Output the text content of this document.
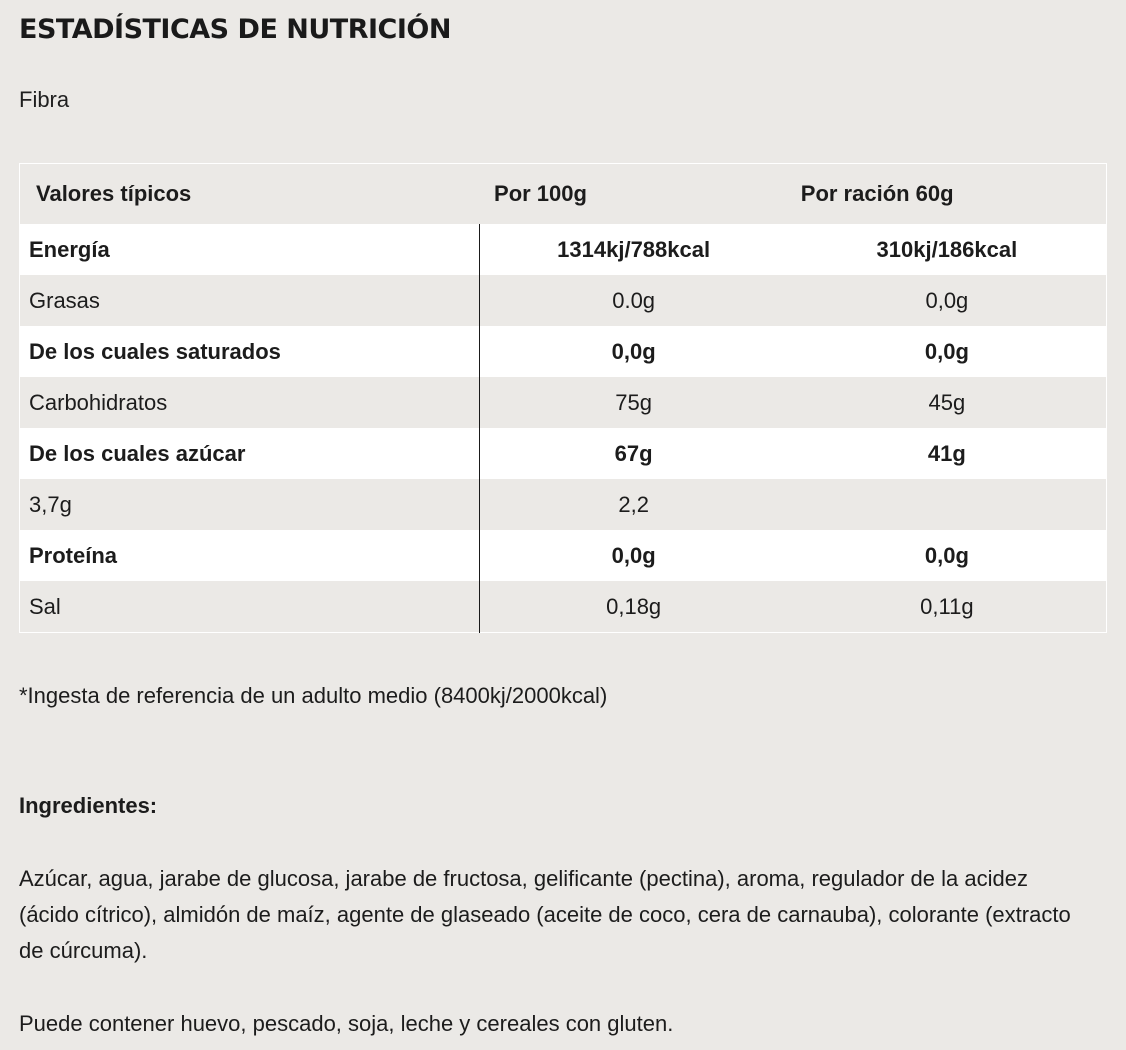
ESTADÍSTICAS DE NUTRICIÓN
Fibra
Valores típicos	Por 100g	Por ración 60g
Energía	1314kj/788kcal	310kj/186kcal
Grasas	0.0g	0,0g
De los cuales saturados	0,0g	0,0g
Carbohidratos	75g	45g
De los cuales azúcar	67g	41g
3,7g	2,2	
Proteína	0,0g	0,0g
Sal	0,18g	0,11g
*Ingesta de referencia de un adulto medio (8400kj/2000kcal)
Ingredientes:

Azúcar, agua, jarabe de glucosa, jarabe de fructosa, gelificante (pectina), aroma, regulador de la acidez (ácido cítrico), almidón de maíz, agente de glaseado (aceite de coco, cera de carnauba), colorante (extracto de cúrcuma).

Puede contener huevo, pescado, soja, leche y cereales con gluten.
